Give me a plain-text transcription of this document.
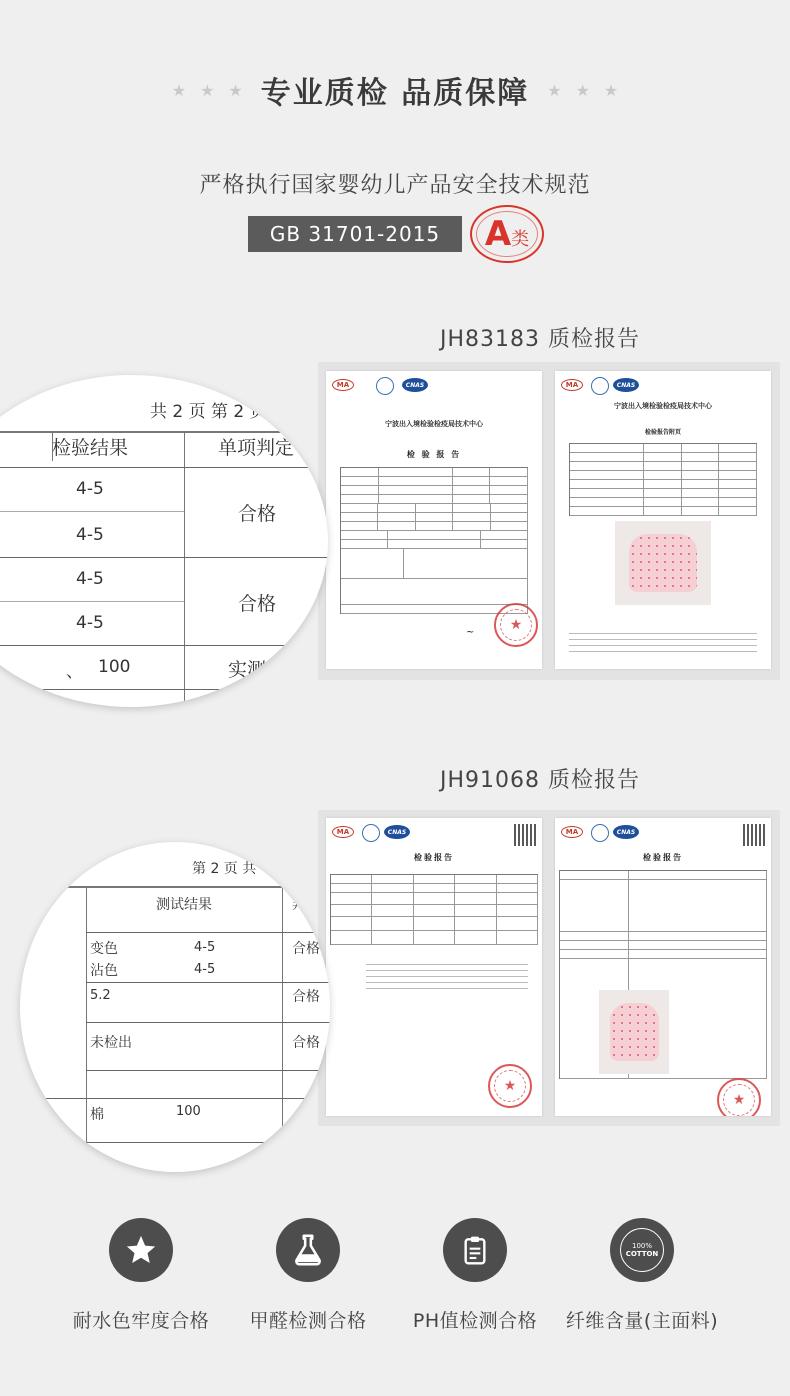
★ ★ ★ 专业质检 品质保障 ★ ★ ★
严格执行国家婴幼儿产品安全技术规范
GB 31701-2015	A 类
JH83183 质检报告
MA	CNAS
宁波出入境检验检疫局技术中心
检 验 报 告
★
~
MA	CNAS
宁波出入境检验检疫局技术中心
检验报告附页
共 2 页 第 2 页
检验结果	单项判定
4-5
4-5
合格
4-5
4-5
合格
、 100	实测值
JH91068 质检报告
MA	CNAS
检验报告
★
MA	CNAS
检验报告
★
第 2 页 共
测试结果	判定
变色	4-5	合格
沾色	4-5
5.2	合格
未检出	合格
棉	100	--
耐水色牢度合格	甲醛检测合格	PH值检测合格
100%
COTTON
纤维含量(主面料)
